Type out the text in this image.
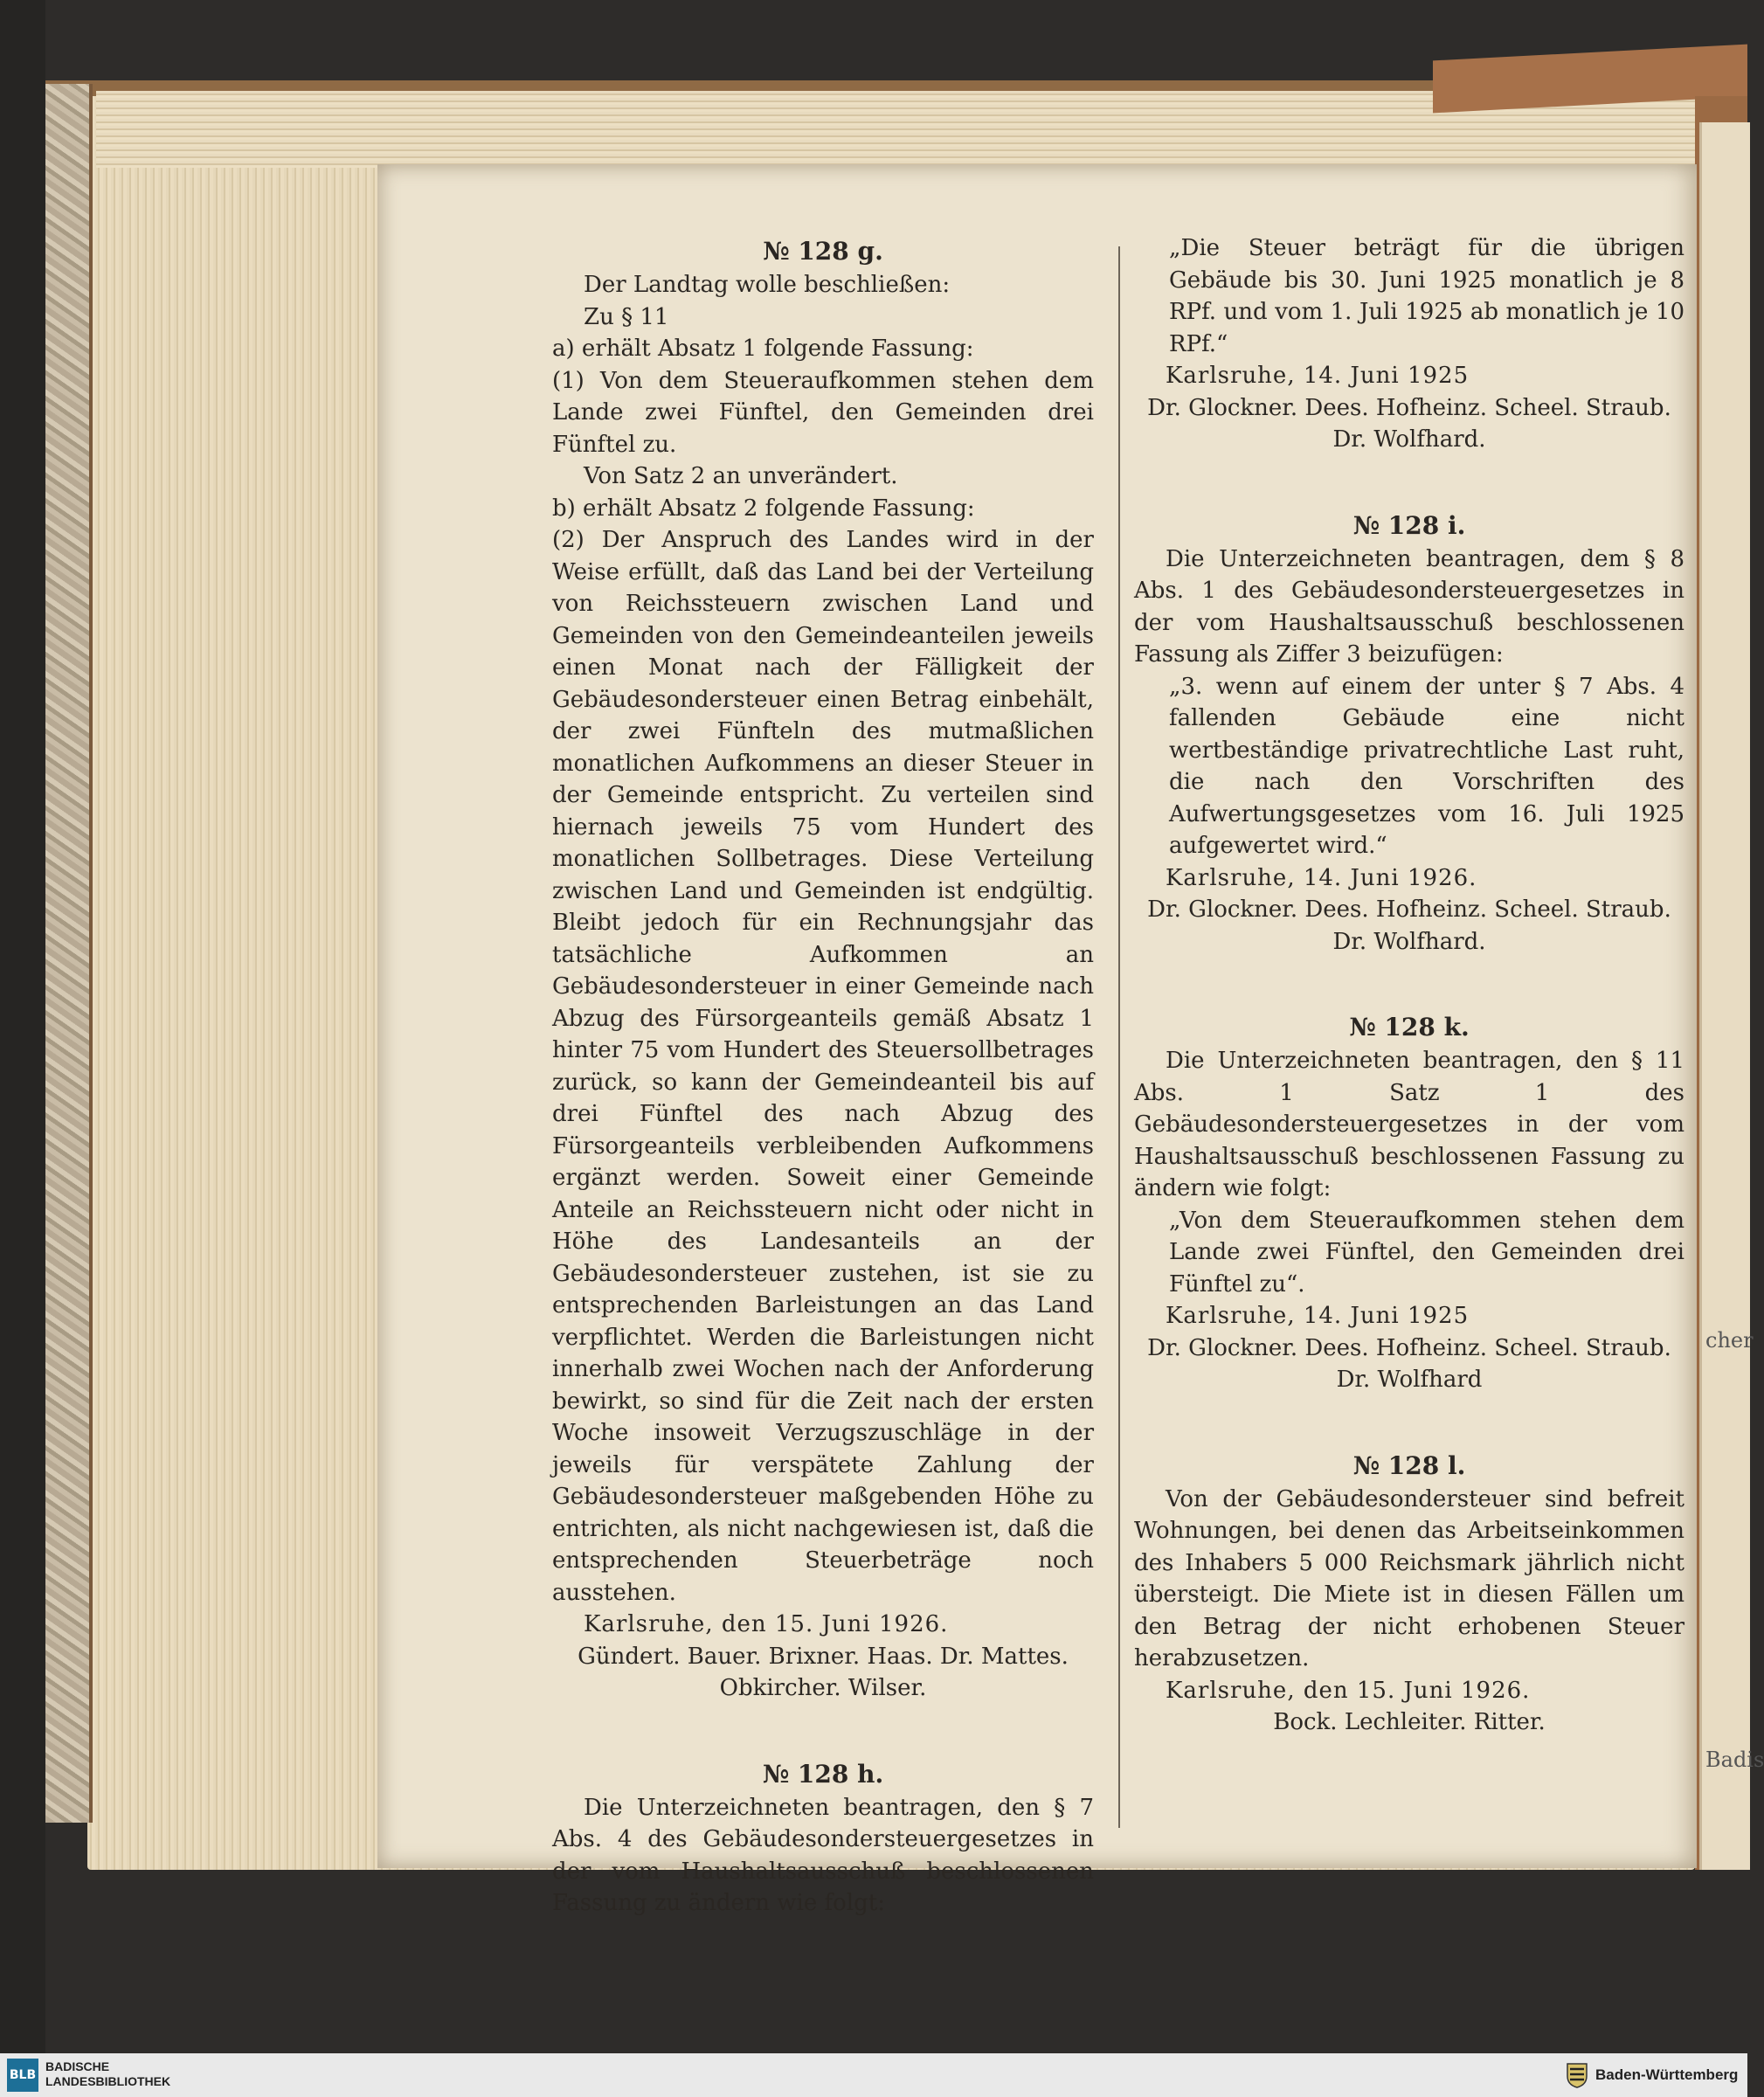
cher
Badis

№ 128 g.

Der Landtag wolle beschließen:

Zu § 11

a) erhält Absatz 1 folgende Fassung:

(1) Von dem Steueraufkommen stehen dem Lande zwei Fünftel, den Gemeinden drei Fünftel zu.

Von Satz 2 an unverändert.

b) erhält Absatz 2 folgende Fassung:

(2) Der Anspruch des Landes wird in der Weise erfüllt, daß das Land bei der Verteilung von Reichssteuern zwischen Land und Gemeinden von den Gemeindeanteilen jeweils einen Monat nach der Fälligkeit der Gebäudesondersteuer einen Betrag einbehält, der zwei Fünfteln des mutmaßlichen monatlichen Aufkommens an dieser Steuer in der Gemeinde entspricht. Zu verteilen sind hiernach jeweils 75 vom Hundert des monatlichen Sollbetrages. Diese Verteilung zwischen Land und Gemeinden ist endgültig. Bleibt jedoch für ein Rechnungsjahr das tatsächliche Aufkommen an Gebäudesondersteuer in einer Gemeinde nach Abzug des Fürsorgeanteils gemäß Absatz 1 hinter 75 vom Hundert des Steuersollbetrages zurück, so kann der Gemeindeanteil bis auf drei Fünftel des nach Abzug des Fürsorgeanteils verbleibenden Aufkommens ergänzt werden. Soweit einer Gemeinde Anteile an Reichssteuern nicht oder nicht in Höhe des Landesanteils an der Gebäudesondersteuer zustehen, ist sie zu entsprechenden Barleistungen an das Land verpflichtet. Werden die Barleistungen nicht innerhalb zwei Wochen nach der Anforderung bewirkt, so sind für die Zeit nach der ersten Woche insoweit Verzugszuschläge in der jeweils für verspätete Zahlung der Gebäudesondersteuer maßgebenden Höhe zu entrichten, als nicht nachgewiesen ist, daß die entsprechenden Steuerbeträge noch ausstehen.

Karlsruhe, den 15. Juni 1926.

Gündert. Bauer. Brixner. Haas. Dr. Mattes.

Obkircher. Wilser.

№ 128 h.

Die Unterzeichneten beantragen, den § 7 Abs. 4 des Gebäudesondersteuergesetzes in der vom Haushaltsausschuß beschlossenen Fassung zu ändern wie folgt:

„Die Steuer beträgt für die übrigen Gebäude bis 30. Juni 1925 monatlich je 8 RPf. und vom 1. Juli 1925 ab monatlich je 10 RPf.“

Karlsruhe, 14. Juni 1925

Dr. Glockner. Dees. Hofheinz. Scheel. Straub.

Dr. Wolfhard.

№ 128 i.

Die Unterzeichneten beantragen, dem § 8 Abs. 1 des Gebäudesondersteuergesetzes in der vom Haushaltsausschuß beschlossenen Fassung als Ziffer 3 beizufügen:

„3. wenn auf einem der unter § 7 Abs. 4 fallenden Gebäude eine nicht wertbeständige privatrechtliche Last ruht, die nach den Vorschriften des Aufwertungsgesetzes vom 16. Juli 1925 aufgewertet wird.“

Karlsruhe, 14. Juni 1926.

Dr. Glockner. Dees. Hofheinz. Scheel. Straub.

Dr. Wolfhard.

№ 128 k.

Die Unterzeichneten beantragen, den § 11 Abs. 1 Satz 1 des Gebäudesondersteuergesetzes in der vom Haushaltsausschuß beschlossenen Fassung zu ändern wie folgt:

„Von dem Steueraufkommen stehen dem Lande zwei Fünftel, den Gemeinden drei Fünftel zu“.

Karlsruhe, 14. Juni 1925

Dr. Glockner. Dees. Hofheinz. Scheel. Straub.

Dr. Wolfhard

№ 128 l.

Von der Gebäudesondersteuer sind befreit Wohnungen, bei denen das Arbeitseinkommen des Inhabers 5 000 Reichsmark jährlich nicht übersteigt. Die Miete ist in diesen Fällen um den Betrag der nicht erhobenen Steuer herabzusetzen.

Karlsruhe, den 15. Juni 1926.

Bock. Lechleiter. Ritter.

BLB
BADISCHE
LANDESBIBLIOTHEK	Baden-Württemberg
